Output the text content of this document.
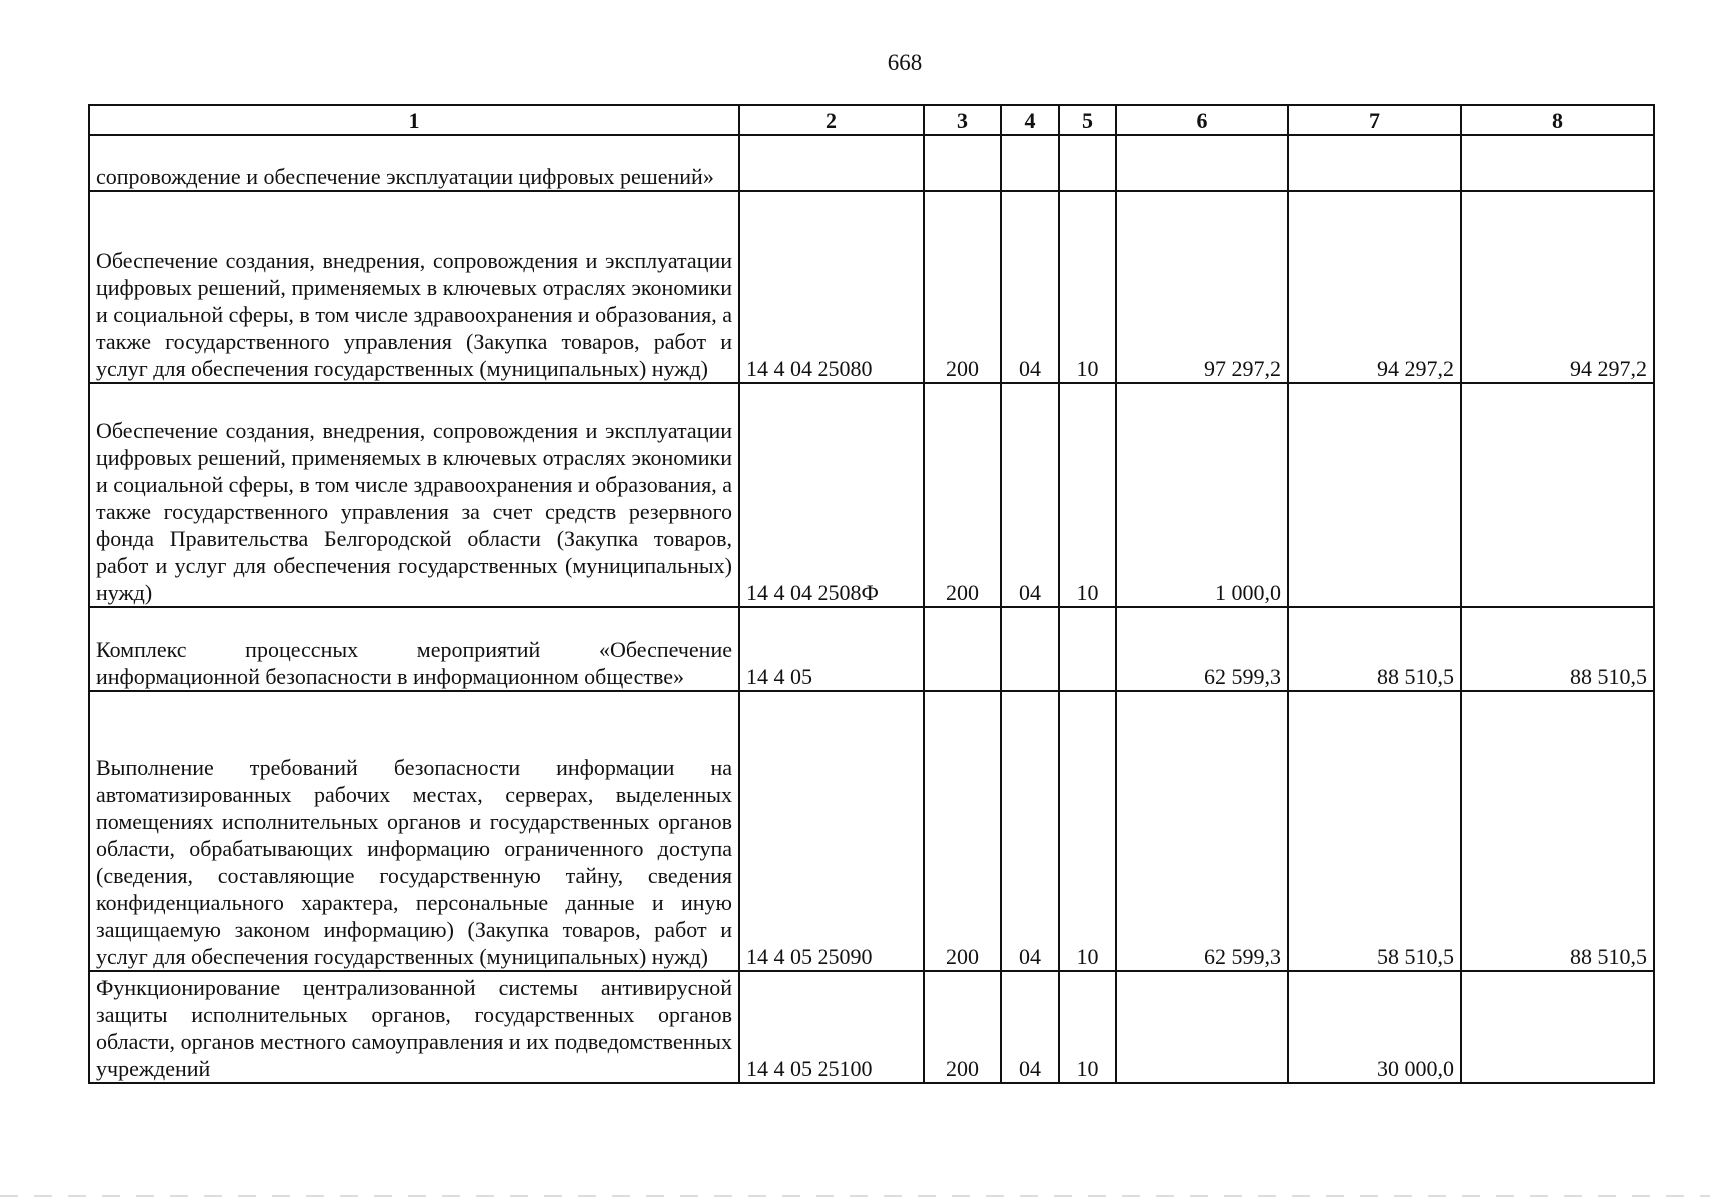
668
1	2	3	4	5	6	7	8
сопровождение и обеспечение эксплуатации цифровых решений»							
Обеспечение создания, внедрения, сопровождения и эксплуатации цифровых решений, применяемых в ключевых отраслях экономики и социальной сферы, в том числе здравоохранения и образования, а также государственного управления (Закупка товаров, работ и услуг для обеспечения государственных (муниципальных) нужд)	14 4 04 25080	200	04	10	97 297,2	94 297,2	94 297,2
Обеспечение создания, внедрения, сопровождения и эксплуатации цифровых решений, применяемых в ключевых отраслях экономики и социальной сферы, в том числе здравоохранения и образования, а также государственного управления за счет средств резервного фонда Правительства Белгородской области (Закупка товаров, работ и услуг для обеспечения государственных (муниципальных) нужд)	14 4 04 2508Ф	200	04	10	1 000,0		
Комплекс процессных мероприятий «Обеспечение информационной безопасности в информационном обществе»	14 4 05				62 599,3	88 510,5	88 510,5
Выполнение требований безопасности информации на автоматизированных рабочих местах, серверах, выделенных помещениях исполнительных органов и государственных органов области, обрабатывающих информацию ограниченного доступа (сведения, составляющие государственную тайну, сведения конфиденциального характера, персональные данные и иную защищаемую законом информацию) (Закупка товаров, работ и услуг для обеспечения государственных (муниципальных) нужд)	14 4 05 25090	200	04	10	62 599,3	58 510,5	88 510,5
Функционирование централизованной системы антивирусной защиты исполнительных органов, государственных органов области, органов местного самоуправления и их подведомственных учреждений	14 4 05 25100	200	04	10		30 000,0	
